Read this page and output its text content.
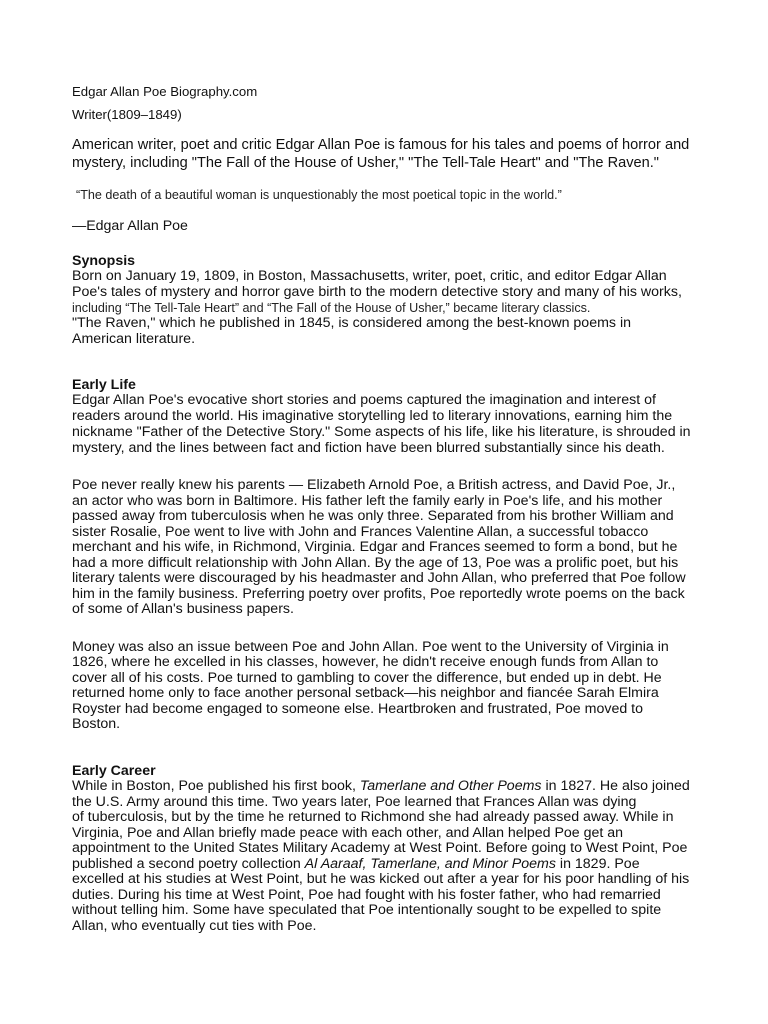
Edgar Allan Poe Biography.com
Writer(1809–1849)
American writer, poet and critic Edgar Allan Poe is famous for his tales and poems of horror and
mystery, including "The Fall of the House of Usher," "The Tell-Tale Heart" and "The Raven."
“The death of a beautiful woman is unquestionably the most poetical topic in the world.”
—Edgar Allan Poe
Synopsis
Born on January 19, 1809, in Boston, Massachusetts, writer, poet, critic, and editor Edgar Allan
Poe's tales of mystery and horror gave birth to the modern detective story and many of his works,
including “The Tell-Tale Heart” and “The Fall of the House of Usher,” became literary classics.
"The Raven," which he published in 1845, is considered among the best-known poems in
American literature.
Early Life
Edgar Allan Poe's evocative short stories and poems captured the imagination and interest of
readers around the world. His imaginative storytelling led to literary innovations, earning him the
nickname "Father of the Detective Story." Some aspects of his life, like his literature, is shrouded in
mystery, and the lines between fact and fiction have been blurred substantially since his death.
Poe never really knew his parents — Elizabeth Arnold Poe, a British actress, and David Poe, Jr.,
an actor who was born in Baltimore. His father left the family early in Poe's life, and his mother
passed away from tuberculosis when he was only three. Separated from his brother William and
sister Rosalie, Poe went to live with John and Frances Valentine Allan, a successful tobacco
merchant and his wife, in Richmond, Virginia. Edgar and Frances seemed to form a bond, but he
had a more difficult relationship with John Allan. By the age of 13, Poe was a prolific poet, but his
literary talents were discouraged by his headmaster and John Allan, who preferred that Poe follow
him in the family business. Preferring poetry over profits, Poe reportedly wrote poems on the back
of some of Allan's business papers.
Money was also an issue between Poe and John Allan. Poe went to the University of Virginia in
1826, where he excelled in his classes, however, he didn't receive enough funds from Allan to
cover all of his costs. Poe turned to gambling to cover the difference, but ended up in debt. He
returned home only to face another personal setback—his neighbor and fiancée Sarah Elmira
Royster had become engaged to someone else. Heartbroken and frustrated, Poe moved to
Boston.
Early Career
While in Boston, Poe published his first book, Tamerlane and Other Poems in 1827. He also joined
the U.S. Army around this time. Two years later, Poe learned that Frances Allan was dying
of tuberculosis, but by the time he returned to Richmond she had already passed away. While in
Virginia, Poe and Allan briefly made peace with each other, and Allan helped Poe get an
appointment to the United States Military Academy at West Point. Before going to West Point, Poe
published a second poetry collection Al Aaraaf, Tamerlane, and Minor Poems in 1829. Poe
excelled at his studies at West Point, but he was kicked out after a year for his poor handling of his
duties. During his time at West Point, Poe had fought with his foster father, who had remarried
without telling him. Some have speculated that Poe intentionally sought to be expelled to spite
Allan, who eventually cut ties with Poe.
